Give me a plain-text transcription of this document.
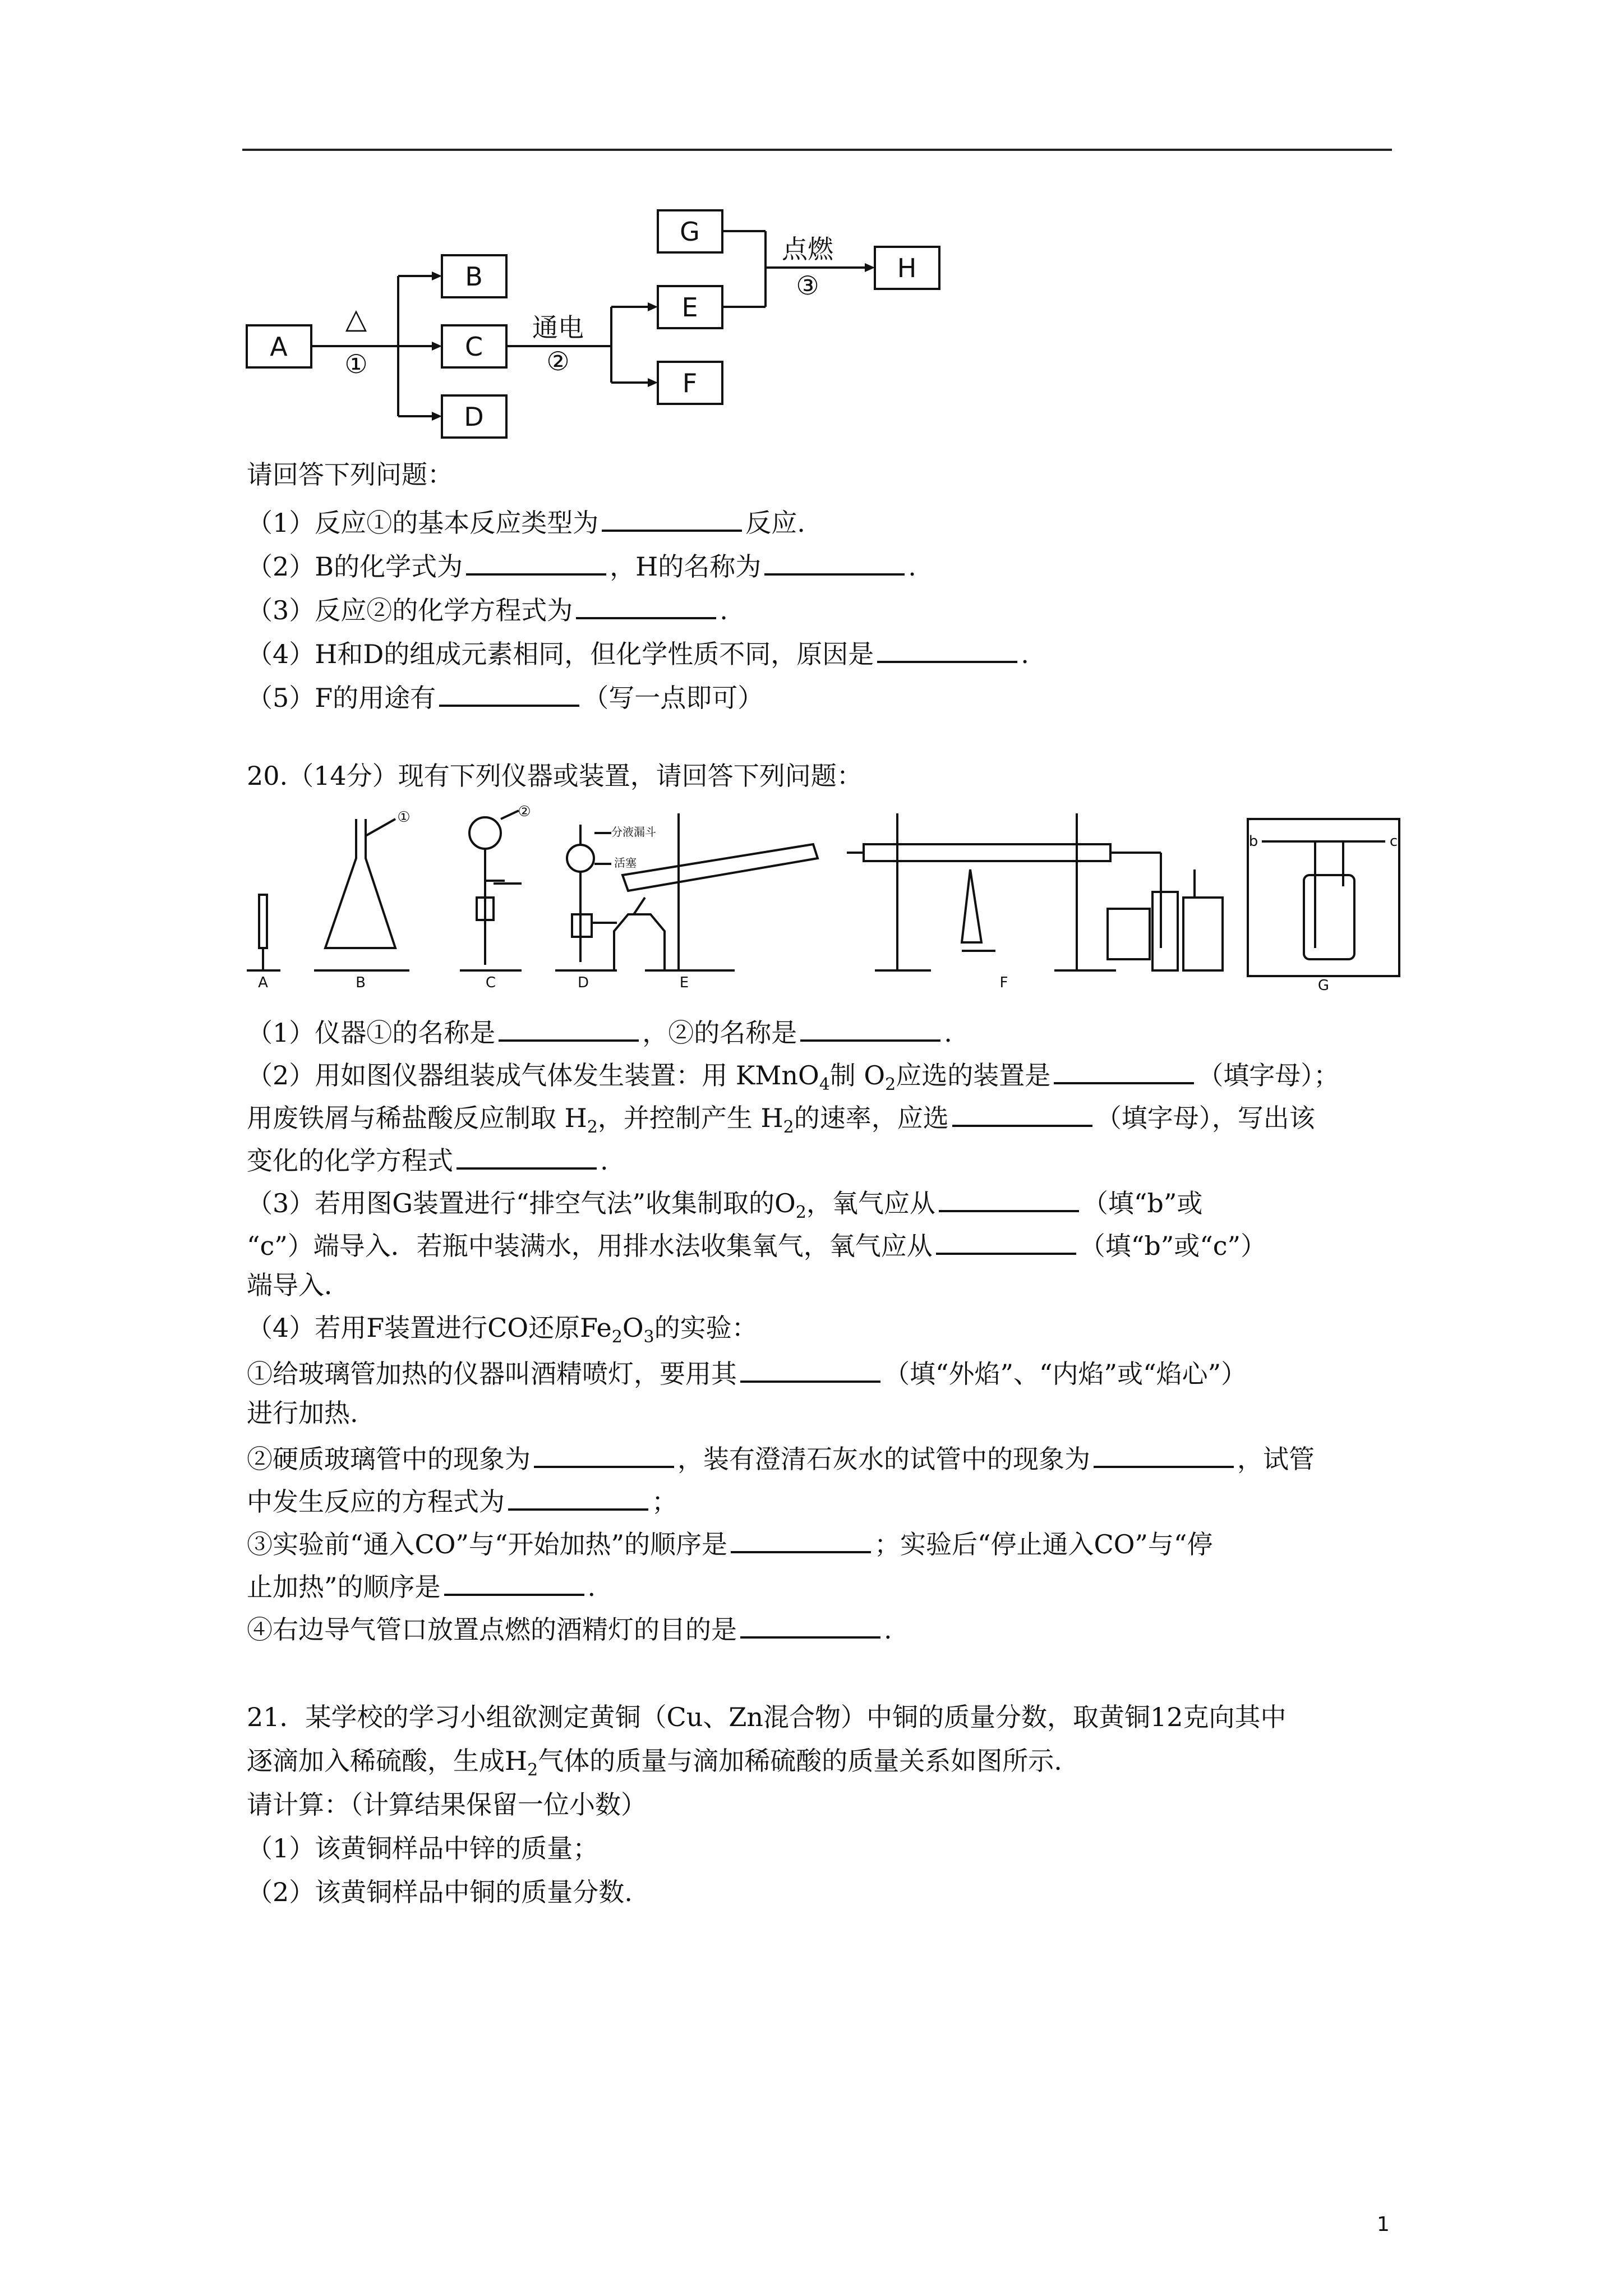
A
B
C
D
E
F
G
H
△
①
通电
②
点燃
③
请回答下列问题：
（1）反应①的基本反应类型为	反应.
（2）B的化学式为	，H的名称为	.
（3）反应②的化学方程式为	.
（4）H和D的组成元素相同，但化学性质不同，原因是	.
（5）F的用途有	（写一点即可）
20.（14分）现有下列仪器或装置，请回答下列问题：
A	B	C	D	E	F	G
①	②
分液漏斗
活塞
b	c
（1）仪器①的名称是	，②的名称是	.
（2）用如图仪器组装成气体发生装置：用 KMnO$_4$制 $O_2$应选的装置是	（填字母）；
用废铁屑与稀盐酸反应制取 $H_2$，并控制产生 $H_2$的速率，应选	（填字母），写出该
变化的化学方程式	.
（3）若用图G装置进行“排空气法”收集制取的$O_2$，氧气应从	（填“b”或
“c”）端导入．若瓶中装满水，用排水法收集氧气，氧气应从	（填“b”或“c”）
端导入．
（4）若用F装置进行CO还原$Fe_2O_3$的实验：
①给玻璃管加热的仪器叫酒精喷灯，要用其	（填“外焰”、“内焰”或“焰心”）
进行加热.
②硬质玻璃管中的现象为	，装有澄清石灰水的试管中的现象为	，试管
中发生反应的方程式为	；
③实验前“通入CO”与“开始加热”的顺序是	；实验后“停止通入CO”与“停
止加热”的顺序是	.
④右边导气管口放置点燃的酒精灯的目的是	.
21．某学校的学习小组欲测定黄铜（Cu、Zn混合物）中铜的质量分数，取黄铜12克向其中
逐滴加入稀硫酸，生成$H_2$气体的质量与滴加稀硫酸的质量关系如图所示.
请计算：（计算结果保留一位小数）
（1）该黄铜样品中锌的质量；
（2）该黄铜样品中铜的质量分数.
1
